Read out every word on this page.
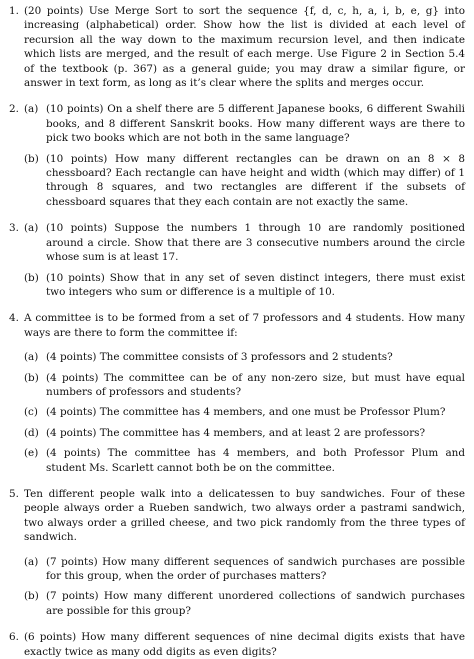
1. (20 points) Use Merge Sort to sort the sequence {f, d, c, h, a, i, b, e, g} into increasing (alphabetical) order. Show how the list is divided at each level of recursion all the way down to the maximum recursion level, and then indicate which lists are merged, and the result of each merge. Use Figure 2 in Section 5.4 of the textbook (p. 367) as a general guide; you may draw a similar figure, or answer in text form, as long as it’s clear where the splits and merges occur.
2. (a) (10 points) On a shelf there are 5 different Japanese books, 6 different Swahili books, and 8 different Sanskrit books. How many different ways are there to pick two books which are not both in the same language?
(b) (10 points) How many different rectangles can be drawn on an 8 × 8 chessboard? Each rectangle can have height and width (which may differ) of 1 through 8 squares, and two rectangles are different if the subsets of chessboard squares that they each contain are not exactly the same.
3. (a) (10 points) Suppose the numbers 1 through 10 are randomly positioned around a circle. Show that there are 3 consecutive numbers around the circle whose sum is at least 17.
(b) (10 points) Show that in any set of seven distinct integers, there must exist two integers who sum or difference is a multiple of 10.
4. A committee is to be formed from a set of 7 professors and 4 students. How many ways are there to form the committee if:
(a) (4 points) The committee consists of 3 professors and 2 students?
(b) (4 points) The committee can be of any non-zero size, but must have equal numbers of professors and students?
(c) (4 points) The committee has 4 members, and one must be Professor Plum?
(d) (4 points) The committee has 4 members, and at least 2 are professors?
(e) (4 points) The committee has 4 members, and both Professor Plum and student Ms. Scarlett cannot both be on the committee.
5. Ten different people walk into a delicatessen to buy sandwiches. Four of these people always order a Rueben sandwich, two always order a pastrami sandwich, two always order a grilled cheese, and two pick randomly from the three types of sandwich.
(a) (7 points) How many different sequences of sandwich purchases are possible for this group, when the order of purchases matters?
(b) (7 points) How many different unordered collections of sandwich purchases are possible for this group?
6. (6 points) How many different sequences of nine decimal digits exists that have exactly twice as many odd digits as even digits?
